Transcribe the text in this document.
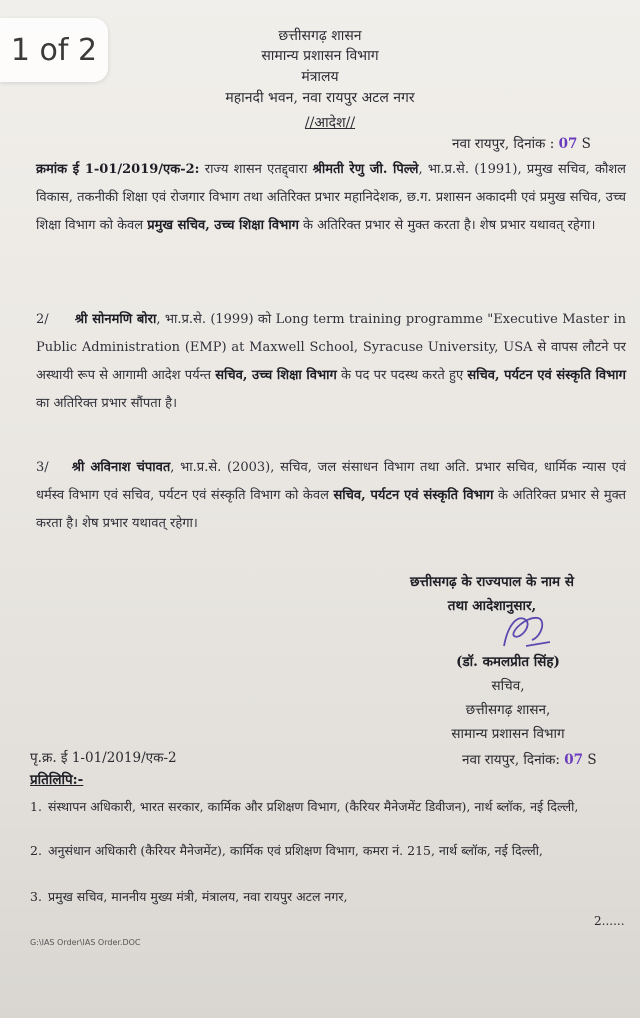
1 of 2	छत्तीसगढ़ शासन
सामान्य प्रशासन विभाग
मंत्रालय
महानदी भवन, नवा रायपुर अटल नगर
//आदेश//
नवा रायपुर, दिनांक : 07 S
क्रमांक ई 1-01/2019/एक-2: राज्य शासन एतद्द्वारा श्रीमती रेणु जी. पिल्ले, भा.प्र.से. (1991), प्रमुख सचिव, कौशल विकास, तकनीकी शिक्षा एवं रोजगार विभाग तथा अतिरिक्त प्रभार महानिदेशक, छ.ग. प्रशासन अकादमी एवं प्रमुख सचिव, उच्च शिक्षा विभाग को केवल प्रमुख सचिव, उच्च शिक्षा विभाग के अतिरिक्त प्रभार से मुक्त करता है। शेष प्रभार यथावत् रहेगा।
2/ श्री सोनमणि बोरा, भा.प्र.से. (1999) को Long term training programme "Executive Master in Public Administration (EMP) at Maxwell School, Syracuse University, USA से वापस लौटने पर अस्थायी रूप से आगामी आदेश पर्यन्त सचिव, उच्च शिक्षा विभाग के पद पर पदस्थ करते हुए सचिव, पर्यटन एवं संस्कृति विभाग का अतिरिक्त प्रभार सौंपता है।
3/ श्री अविनाश चंपावत, भा.प्र.से. (2003), सचिव, जल संसाधन विभाग तथा अति. प्रभार सचिव, धार्मिक न्यास एवं धर्मस्व विभाग एवं सचिव, पर्यटन एवं संस्कृति विभाग को केवल सचिव, पर्यटन एवं संस्कृति विभाग के अतिरिक्त प्रभार से मुक्त करता है। शेष प्रभार यथावत् रहेगा।
छत्तीसगढ़ के राज्यपाल के नाम से
तथा आदेशानुसार,
(डॉ. कमलप्रीत सिंह)
सचिव,
छत्तीसगढ़ शासन,
सामान्य प्रशासन विभाग
पृ.क्र. ई 1-01/2019/एक-2	नवा रायपुर, दिनांक: 07 S
प्रतिलिपि:-
1. संस्थापन अधिकारी, भारत सरकार, कार्मिक और प्रशिक्षण विभाग, (कैरियर मैनेजमेंट डिवीजन), नार्थ ब्लॉक, नई दिल्ली,
2. अनुसंधान अधिकारी (कैरियर मैनेजमेंट), कार्मिक एवं प्रशिक्षण विभाग, कमरा नं. 215, नार्थ ब्लॉक, नई दिल्ली,
3. प्रमुख सचिव, माननीय मुख्य मंत्री, मंत्रालय, नवा रायपुर अटल नगर,
2......
G:\IAS Order\IAS Order.DOC
